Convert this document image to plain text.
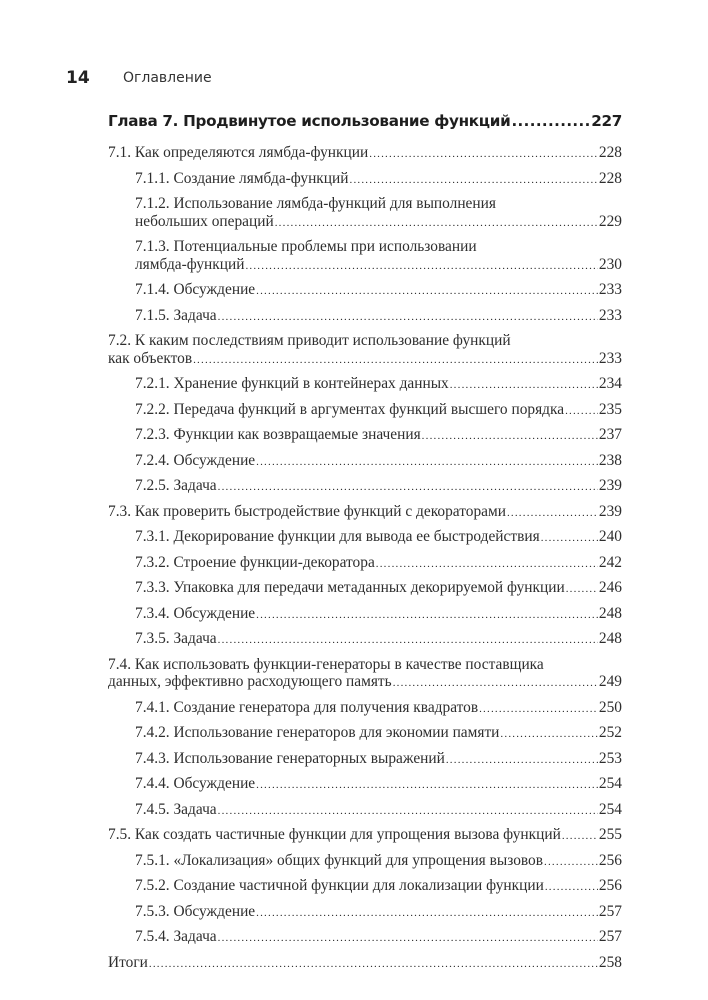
14 Оглавление
Глава 7. Продвинутое использование функций .....	227
7.1. Как определяются лямбда-функции .....	228
7.1.1. Создание лямбда-функций .....	228
7.1.2. Использование лямбда-функций для выполнения
небольших операций .....	229
7.1.3. Потенциальные проблемы при использовании
лямбда-функций .....	230
7.1.4. Обсуждение .....	233
7.1.5. Задача .....	233
7.2. К каким последствиям приводит использование функций
как объектов .....	233
7.2.1. Хранение функций в контейнерах данных .....	234
7.2.2. Передача функций в аргументах функций высшего порядка ..... 235
7.2.3. Функции как возвращаемые значения .....	237
7.2.4. Обсуждение .....	238
7.2.5. Задача .....	239
7.3. Как проверить быстродействие функций с декораторами .....	239
7.3.1. Декорирование функции для вывода ее быстродействия .....	240
7.3.2. Строение функции-декоратора .....	242
7.3.3. Упаковка для передачи метаданных декорируемой функции ..... 246
7.3.4. Обсуждение .....	248
7.3.5. Задача .....	248
7.4. Как использовать функции-генераторы в качестве поставщика
данных, эффективно расходующего память .....	249
7.4.1. Создание генератора для получения квадратов .....	250
7.4.2. Использование генераторов для экономии памяти .....	252
7.4.3. Использование генераторных выражений .....	253
7.4.4. Обсуждение .....	254
7.4.5. Задача .....	254
7.5. Как создать частичные функции для упрощения вызова функций ..... 255
7.5.1. «Локализация» общих функций для упрощения вызовов .....	256
7.5.2. Создание частичной функции для локализации функции .....	256
7.5.3. Обсуждение .....	257
7.5.4. Задача .....	257
Итоги .....	258
